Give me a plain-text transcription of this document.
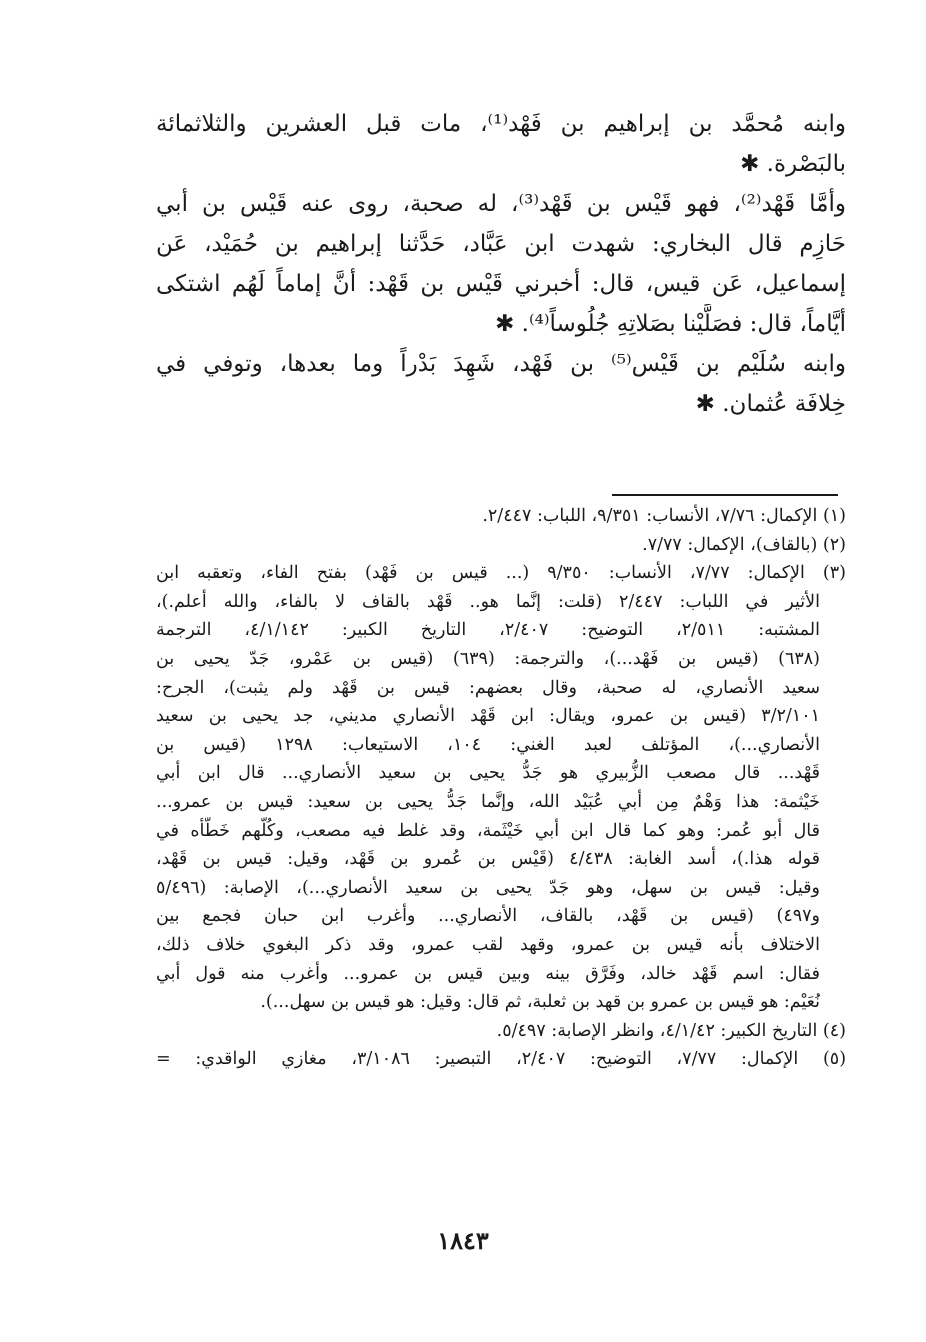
وابنه مُحمَّد بن إبراهيم بن فَهْد⁽¹⁾، مات قبل العشرين والثلاثمائة
بالبَصْرة. ✱
وأمَّا قَهْد⁽²⁾، فهو قَيْس بن قَهْد⁽³⁾، له صحبة، روى عنه قَيْس بن أبي
حَازِم قال البخاري: شهدت ابن عَبَّاد، حَدَّثنا إبراهيم بن حُمَيْد، عَن
إسماعيل، عَن قيس، قال: أخبرني قَيْس بن قَهْد: أنَّ إماماً لَهُم اشتكى
أيَّاماً، قال: فصَلَّيْنا بصَلاتِهِ جُلُوساً⁽⁴⁾. ✱
وابنه سُلَيْم بن قَيْس⁽⁵⁾ بن فَهْد، شَهِدَ بَدْراً وما بعدها، وتوفي في
خِلافَة عُثمان. ✱
(١) الإكمال: ٧/٧٦، الأنساب: ٩/٣٥١، اللباب: ٢/٤٤٧.
(٢) (بالقاف)، الإكمال: ٧/٧٧.
(٣) الإكمال: ٧/٧٧، الأنساب: ٩/٣٥٠ (... قيس بن فَهْد) بفتح الفاء، وتعقبه ابن
الأثير في اللباب: ٢/٤٤٧ (قلت: إنَّما هو.. قَهْد بالقاف لا بالفاء، والله أعلم.)،
المشتبه: ٢/٥١١، التوضيح: ٢/٤٠٧، التاريخ الكبير: ٤/١/١٤٢، الترجمة
(٦٣٨) (قيس بن فَهْد...)، والترجمة: (٦٣٩) (قيس بن عَمْرو، جَدّ يحيى بن
سعيد الأنصاري، له صحبة، وقال بعضهم: قيس بن قَهْد ولم يثبت)، الجرح:
٣/٢/١٠١ (قيس بن عمرو، ويقال: ابن قَهْد الأنصاري مديني، جد يحيى بن سعيد
الأنصاري...)، المؤتلف لعبد الغني: ١٠٤، الاستيعاب: ١٢٩٨ (قيس بن
قَهْد... قال مصعب الزُّبيري هو جَدُّ يحيى بن سعيد الأنصاري... قال ابن أبي
خَيْثمة: هذا وَهْمٌ مِن أبي عُبَيْد الله، وإنَّما جَدُّ يحيى بن سعيد: قيس بن عمرو...
قال أبو عُمر: وهو كما قال ابن أبي خَيْثَمة، وقد غلط فيه مصعب، وكُلُّهم خَطَّأه في
قوله هذا.)، أسد الغابة: ٤/٤٣٨ (قَيْس بن عُمرو بن قَهْد، وقيل: قيس بن قَهْد،
وقيل: قيس بن سهل، وهو جَدّ يحيى بن سعيد الأنصاري...)، الإصابة: (٥/٤٩٦
و٤٩٧) (قيس بن قَهْد، بالقاف، الأنصاري... وأغرب ابن حبان فجمع بين
الاختلاف بأنه قيس بن عمرو، وقهد لقب عمرو، وقد ذكر البغوي خلاف ذلك،
فقال: اسم قَهْد خالد، وفَرَّق بينه وبين قيس بن عمرو... وأغرب منه قول أبي
نُعَيْم: هو قيس بن عمرو بن قهد بن ثعلبة، ثم قال: وقيل: هو قيس بن سهل...).
(٤) التاريخ الكبير: ٤/١/٤٢، وانظر الإصابة: ٥/٤٩٧.
(٥) الإكمال: ٧/٧٧، التوضيح: ٢/٤٠٧، التبصير: ٣/١٠٨٦، مغازي الواقدي: =
١٨٤٣
